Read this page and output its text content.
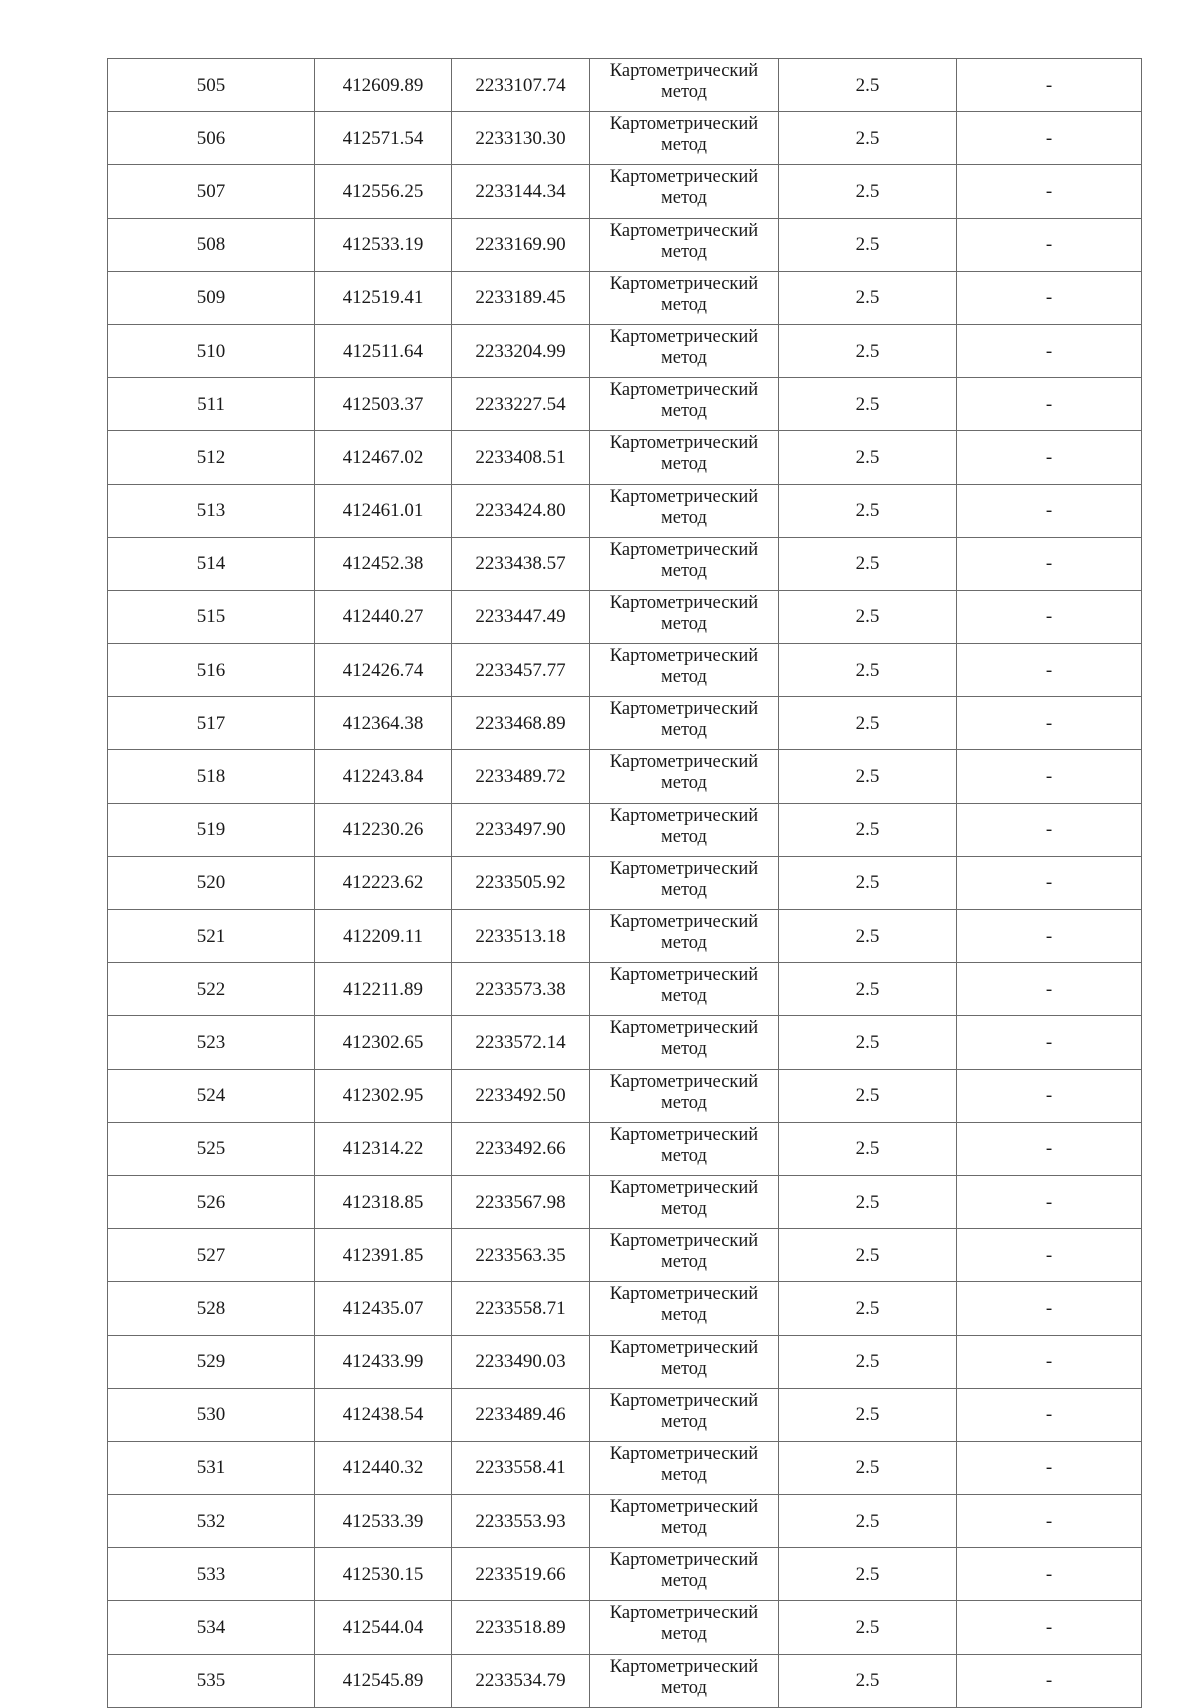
505	412609.89	2233107.74	Картометрический
метод	2.5	-
506	412571.54	2233130.30	Картометрический
метод	2.5	-
507	412556.25	2233144.34	Картометрический
метод	2.5	-
508	412533.19	2233169.90	Картометрический
метод	2.5	-
509	412519.41	2233189.45	Картометрический
метод	2.5	-
510	412511.64	2233204.99	Картометрический
метод	2.5	-
511	412503.37	2233227.54	Картометрический
метод	2.5	-
512	412467.02	2233408.51	Картометрический
метод	2.5	-
513	412461.01	2233424.80	Картометрический
метод	2.5	-
514	412452.38	2233438.57	Картометрический
метод	2.5	-
515	412440.27	2233447.49	Картометрический
метод	2.5	-
516	412426.74	2233457.77	Картометрический
метод	2.5	-
517	412364.38	2233468.89	Картометрический
метод	2.5	-
518	412243.84	2233489.72	Картометрический
метод	2.5	-
519	412230.26	2233497.90	Картометрический
метод	2.5	-
520	412223.62	2233505.92	Картометрический
метод	2.5	-
521	412209.11	2233513.18	Картометрический
метод	2.5	-
522	412211.89	2233573.38	Картометрический
метод	2.5	-
523	412302.65	2233572.14	Картометрический
метод	2.5	-
524	412302.95	2233492.50	Картометрический
метод	2.5	-
525	412314.22	2233492.66	Картометрический
метод	2.5	-
526	412318.85	2233567.98	Картометрический
метод	2.5	-
527	412391.85	2233563.35	Картометрический
метод	2.5	-
528	412435.07	2233558.71	Картометрический
метод	2.5	-
529	412433.99	2233490.03	Картометрический
метод	2.5	-
530	412438.54	2233489.46	Картометрический
метод	2.5	-
531	412440.32	2233558.41	Картометрический
метод	2.5	-
532	412533.39	2233553.93	Картометрический
метод	2.5	-
533	412530.15	2233519.66	Картометрический
метод	2.5	-
534	412544.04	2233518.89	Картометрический
метод	2.5	-
535	412545.89	2233534.79	Картометрический
метод	2.5	-
